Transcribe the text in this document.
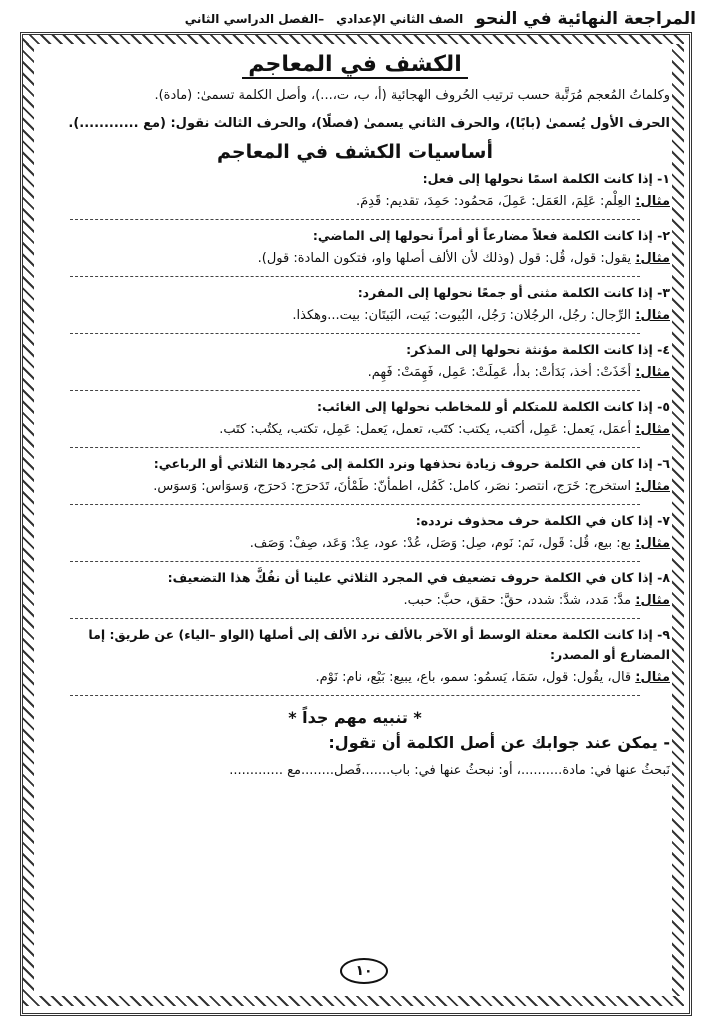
المراجعة النهائية في النحو
الصف الثاني الإعدادي
–الفصل الدراسي الثاني
الكشف في المعاجم

وكلماتُ المُعجم مُرَتَّبة حسب ترتيب الحُروف الهجائية (أ، ب، ت،...)، وأصل الكلمة تسمىٰ: (مادة).

الحرف الأول يُسمىٰ (بابًا)، والحرف الثاني يسمىٰ (فصلًا)، والحرف الثالث نقول: (مع ............).

أساسيات الكشف في المعاجم

١- إذا كانت الكلمة اسمًا نحولها إلى فعل:

مثال: العِلْم: عَلِمَ، العَمَل: عَمِلَ، مَحمُود: حَمِدَ، تقديم: قَدِمَ.

٢- إذا كانت الكلمة فعلاً مضارعاً أو أمراً نحولها إلى الماضي:

مثال: يقول: قول، قُل: قول (وذلك لأن الألف أصلها واو، فتكون المادة: قول).

٣- إذا كانت الكلمة مثنى أو جمعًا نحولها إلى المفرد:

مثال: الرِّجال: رجُل، الرجُلان: رَجُل، البُيوت: بَيت، البَيتَان: بيت...وهكذا.

٤- إذا كانت الكلمة مؤنثة نحولها إلى المذكر:

مثال: أخَذَتْ: أخذ، بَدَأتْ: بدأ، عَمِلَتْ: عَمِل، فَهِمَتْ: فَهِم.

٥- إذا كانت الكلمة للمتكلم أو للمخاطب نحولها إلى الغائب:

مثال: أعمَل، يَعمل: عَمِل، أكتب، يكتب: كتَب، تعمل، يَعمل: عَمِل، تكتب، يكتُب: كتَب.

٦- إذا كان في الكلمة حروف زيادة نحذفها ونرد الكلمة إلى مُجردها الثلاثي أو الرباعي:

مثال: استخرج: خَرَج، انتصر: نصَر، كامل: كَمُل، اطمأنّ: طَمْأنَ، تَدَحرَج: دَحرَج، وَسوَاس: وَسوَس.

٧- إذا كان في الكلمة حرف محذوف نردده:

مثال: بع: بيع، قُل: قَول، نَم: نَوم، صِل: وَصَل، عُدْ: عود، عِدْ: وَعَد، صِفْ: وَصَف.

٨- إذا كان في الكلمة حروف تضعيف في المجرد الثلاثي علينا أن نفُكَّ هذا التضعيف:

مثال: مدَّ: مَدد، شدَّ: شدد، حقَّ: حقق، حبَّ: حبب.

٩- إذا كانت الكلمة معتلة الوسط أو الآخر بالألف نرد الألف إلى أصلها (الواو –الياء) عن طريق: إما المضارع أو المصدر:

مثال: قال، يقُول: قول، سَمَا، يَسمُو: سمو، باع، يبيع: بَيْع، نام: نَوْم.

* تنبيه مهم جداً *
- يمكن عند جوابك عن أصل الكلمة أن تقول:

نَبحثُ عنها في: مادة..........، أو: نبحثُ عنها في: باب.......فَصل........مع .............

١٠
